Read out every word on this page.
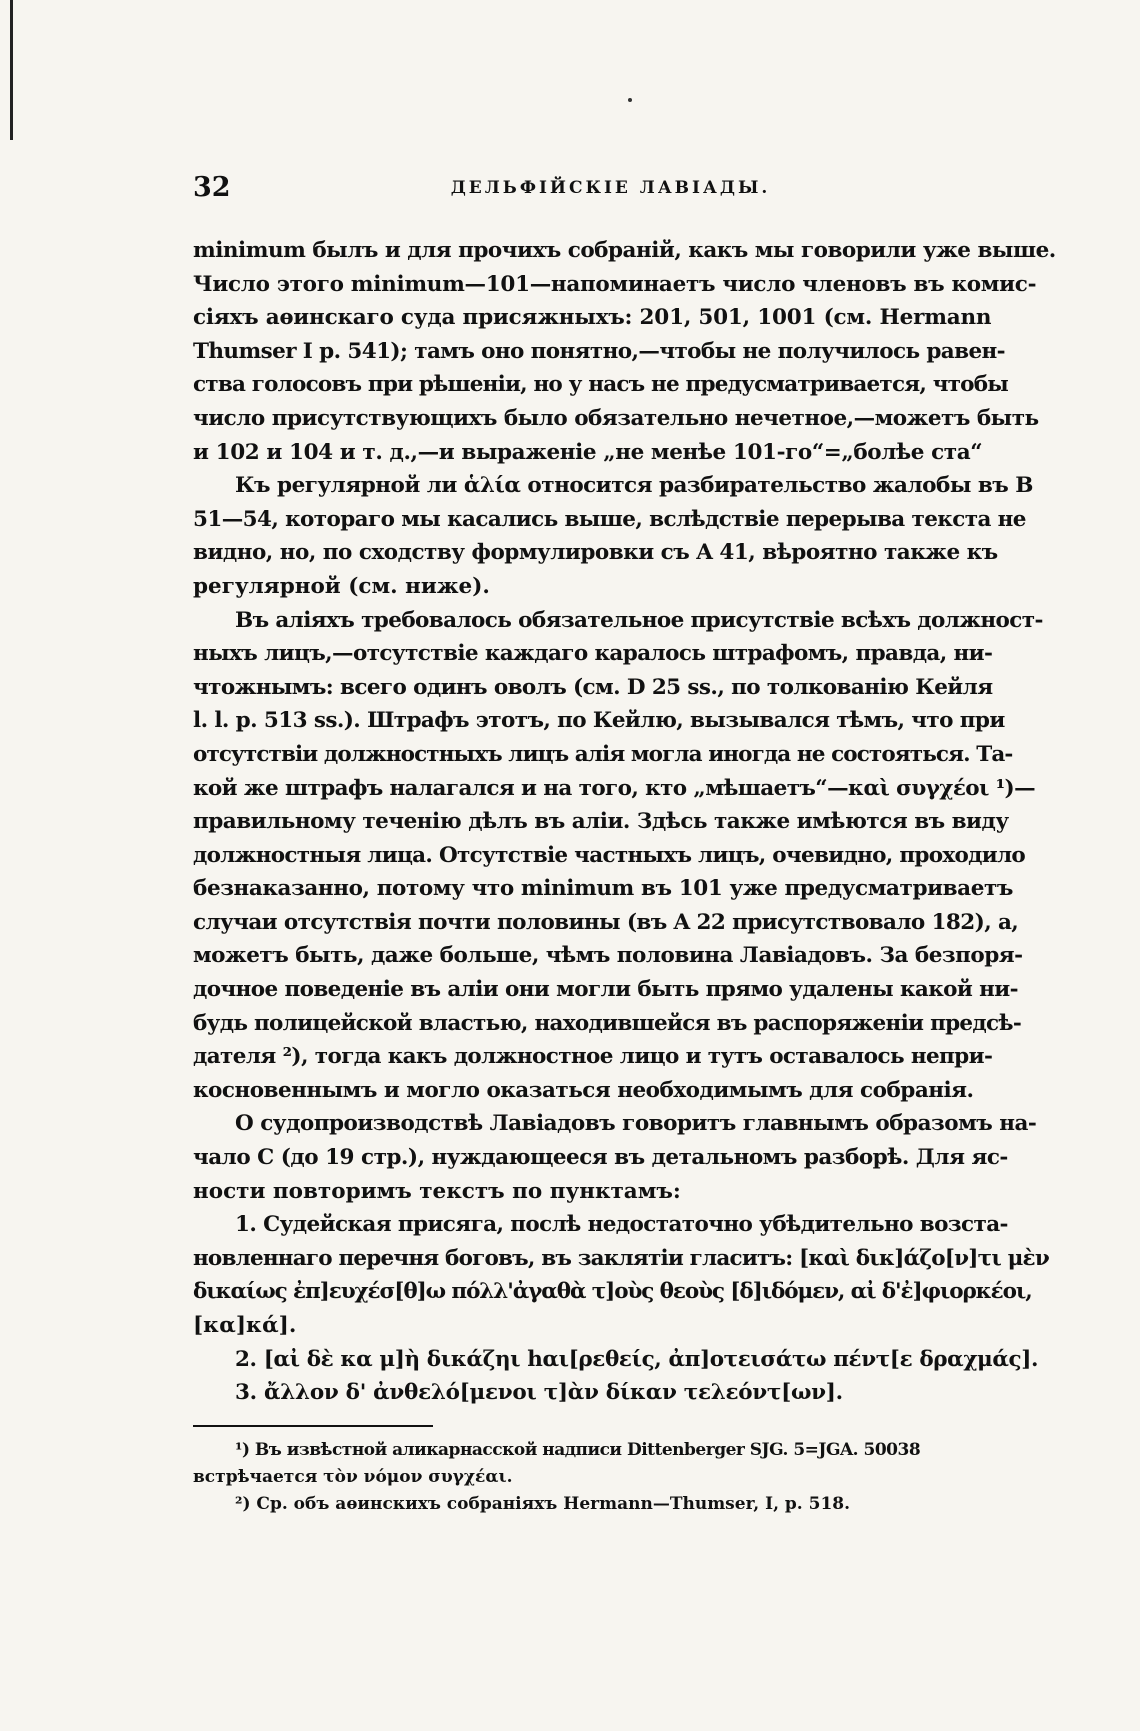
32	ДЕЛЬФІЙСКІЕ ЛАВІАДЫ.
minimum былъ и для прочихъ собраній, какъ мы говорили уже выше.
Число этого minimum—101—напоминаетъ число членовъ въ комис-
сіяхъ аѳинскаго суда присяжныхъ: 201, 501, 1001 (см. Hermann
Thumser I p. 541); тамъ оно понятно,—чтобы не получилось равен-
ства голосовъ при рѣшеніи, но у насъ не предусматривается, чтобы
число присутствующихъ было обязательно нечетное,—можетъ быть
и 102 и 104 и т. д.,—и выраженіе „не менѣе 101-го“=„болѣе ста“
Къ регулярной ли ἁλία относится разбирательство жалобы въ B
51—54, котораго мы касались выше, вслѣдствіе перерыва текста не
видно, но, по сходству формулировки съ A 41, вѣроятно также къ
регулярной (см. ниже).
Въ аліяхъ требовалось обязательное присутствіе всѣхъ должност-
ныхъ лицъ,—отсутствіе каждаго каралось штрафомъ, правда, ни-
чтожнымъ: всего одинъ оволъ (см. D 25 ss., по толкованію Кейля
l. l. p. 513 ss.). Штрафъ этотъ, по Кейлю, вызывался тѣмъ, что при
отсутствіи должностныхъ лицъ алія могла иногда не состояться. Та-
кой же штрафъ налагался и на того, кто „мѣшаетъ“—καὶ συγχέοι ¹)—
правильному теченію дѣлъ въ аліи. Здѣсь также имѣются въ виду
должностныя лица. Отсутствіе частныхъ лицъ, очевидно, проходило
безнаказанно, потому что minimum въ 101 уже предусматриваетъ
случаи отсутствія почти половины (въ A 22 присутствовало 182), а,
можетъ быть, даже больше, чѣмъ половина Лавіадовъ. За безпоря-
дочное поведеніе въ аліи они могли быть прямо удалены какой ни-
будь полицейской властью, находившейся въ распоряженіи предсѣ-
дателя ²), тогда какъ должностное лицо и тутъ оставалось непри-
косновеннымъ и могло оказаться необходимымъ для собранія.
О судопроизводствѣ Лавіадовъ говоритъ главнымъ образомъ на-
чало C (до 19 стр.), нуждающееся въ детальномъ разборѣ. Для яс-
ности повторимъ текстъ по пунктамъ:
1. Судейская присяга, послѣ недостаточно убѣдительно возста-
новленнаго перечня боговъ, въ заклятіи гласитъ: [καὶ δικ]άζο[ν]τι μὲν
δικαίως ἐπ]ευχέσ[θ]ω πόλλ'ἀγαθὰ τ]οὺς θεοὺς [δ]ιδόμεν, αἰ δ'ἐ]φιορκέοι,
[κα]κά].
2. [αἰ δὲ κα μ]ὴ δικάζηι hαι[ρεθείς, ἀπ]οτεισάτω πέντ[ε δραχμάς].
3. ἄλλον δ' ἀνθελό[μενοι τ]ὰν δίκαν τελεόντ[ων].
¹) Въ извѣстной аликарнасской надписи Dittenberger SJG. 5=JGA. 50038
встрѣчается τὸν νόμον συγχέαι.
²) Ср. объ аѳинскихъ собраніяхъ Hermann—Thumser, I, p. 518.
